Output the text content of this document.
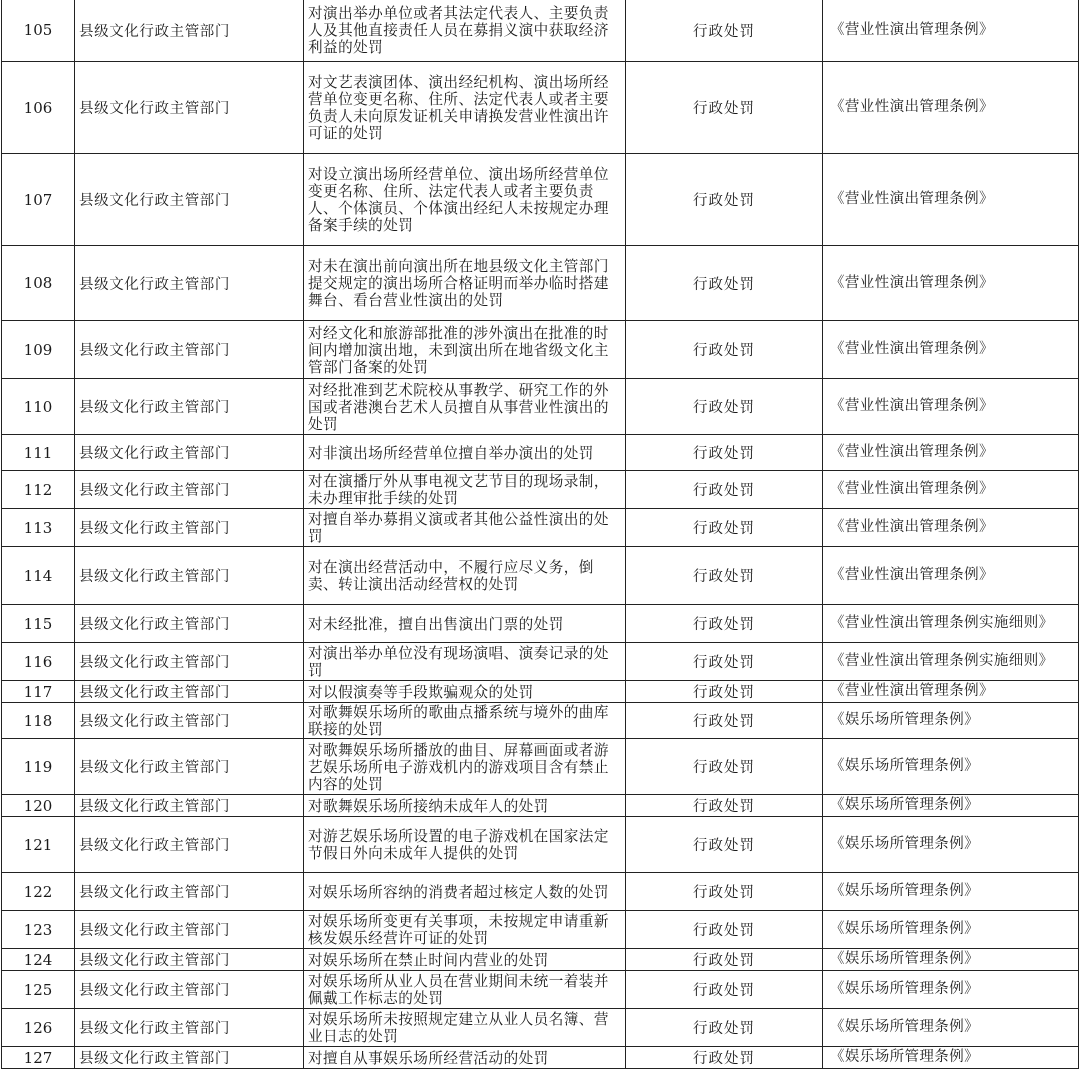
105	县级文化行政主管部门	对演出举办单位或者其法定代表人、主要负责人及其他直接责任人员在募捐义演中获取经济利益的处罚	行政处罚	《营业性演出管理条例》

106	县级文化行政主管部门	对文艺表演团体、演出经纪机构、演出场所经营单位变更名称、住所、法定代表人或者主要负责人未向原发证机关申请换发营业性演出许可证的处罚	行政处罚	《营业性演出管理条例》

107	县级文化行政主管部门	对设立演出场所经营单位、演出场所经营单位变更名称、住所、法定代表人或者主要负责人、个体演员、个体演出经纪人未按规定办理备案手续的处罚	行政处罚	《营业性演出管理条例》

108	县级文化行政主管部门	对未在演出前向演出所在地县级文化主管部门提交规定的演出场所合格证明而举办临时搭建舞台、看台营业性演出的处罚	行政处罚	《营业性演出管理条例》

109	县级文化行政主管部门	对经文化和旅游部批准的涉外演出在批准的时间内增加演出地，未到演出所在地省级文化主管部门备案的处罚	行政处罚	《营业性演出管理条例》

110	县级文化行政主管部门	对经批准到艺术院校从事教学、研究工作的外国或者港澳台艺术人员擅自从事营业性演出的处罚	行政处罚	《营业性演出管理条例》

111	县级文化行政主管部门	对非演出场所经营单位擅自举办演出的处罚	行政处罚	《营业性演出管理条例》

112	县级文化行政主管部门	对在演播厅外从事电视文艺节目的现场录制，未办理审批手续的处罚	行政处罚	《营业性演出管理条例》

113	县级文化行政主管部门	对擅自举办募捐义演或者其他公益性演出的处罚	行政处罚	《营业性演出管理条例》

114	县级文化行政主管部门	对在演出经营活动中，不履行应尽义务，倒卖、转让演出活动经营权的处罚	行政处罚	《营业性演出管理条例》

115	县级文化行政主管部门	对未经批准，擅自出售演出门票的处罚	行政处罚	《营业性演出管理条例实施细则》

116	县级文化行政主管部门	对演出举办单位没有现场演唱、演奏记录的处罚	行政处罚	《营业性演出管理条例实施细则》

117	县级文化行政主管部门	对以假演奏等手段欺骗观众的处罚	行政处罚	《营业性演出管理条例》

118	县级文化行政主管部门	对歌舞娱乐场所的歌曲点播系统与境外的曲库联接的处罚	行政处罚	《娱乐场所管理条例》

119	县级文化行政主管部门	对歌舞娱乐场所播放的曲目、屏幕画面或者游艺娱乐场所电子游戏机内的游戏项目含有禁止内容的处罚	行政处罚	《娱乐场所管理条例》

120	县级文化行政主管部门	对歌舞娱乐场所接纳未成年人的处罚	行政处罚	《娱乐场所管理条例》

121	县级文化行政主管部门	对游艺娱乐场所设置的电子游戏机在国家法定节假日外向未成年人提供的处罚	行政处罚	《娱乐场所管理条例》

122	县级文化行政主管部门	对娱乐场所容纳的消费者超过核定人数的处罚	行政处罚	《娱乐场所管理条例》

123	县级文化行政主管部门	对娱乐场所变更有关事项，未按规定申请重新核发娱乐经营许可证的处罚	行政处罚	《娱乐场所管理条例》

124	县级文化行政主管部门	对娱乐场所在禁止时间内营业的处罚	行政处罚	《娱乐场所管理条例》

125	县级文化行政主管部门	对娱乐场所从业人员在营业期间未统一着装并佩戴工作标志的处罚	行政处罚	《娱乐场所管理条例》

126	县级文化行政主管部门	对娱乐场所未按照规定建立从业人员名簿、营业日志的处罚	行政处罚	《娱乐场所管理条例》

127	县级文化行政主管部门	对擅自从事娱乐场所经营活动的处罚	行政处罚	《娱乐场所管理条例》
